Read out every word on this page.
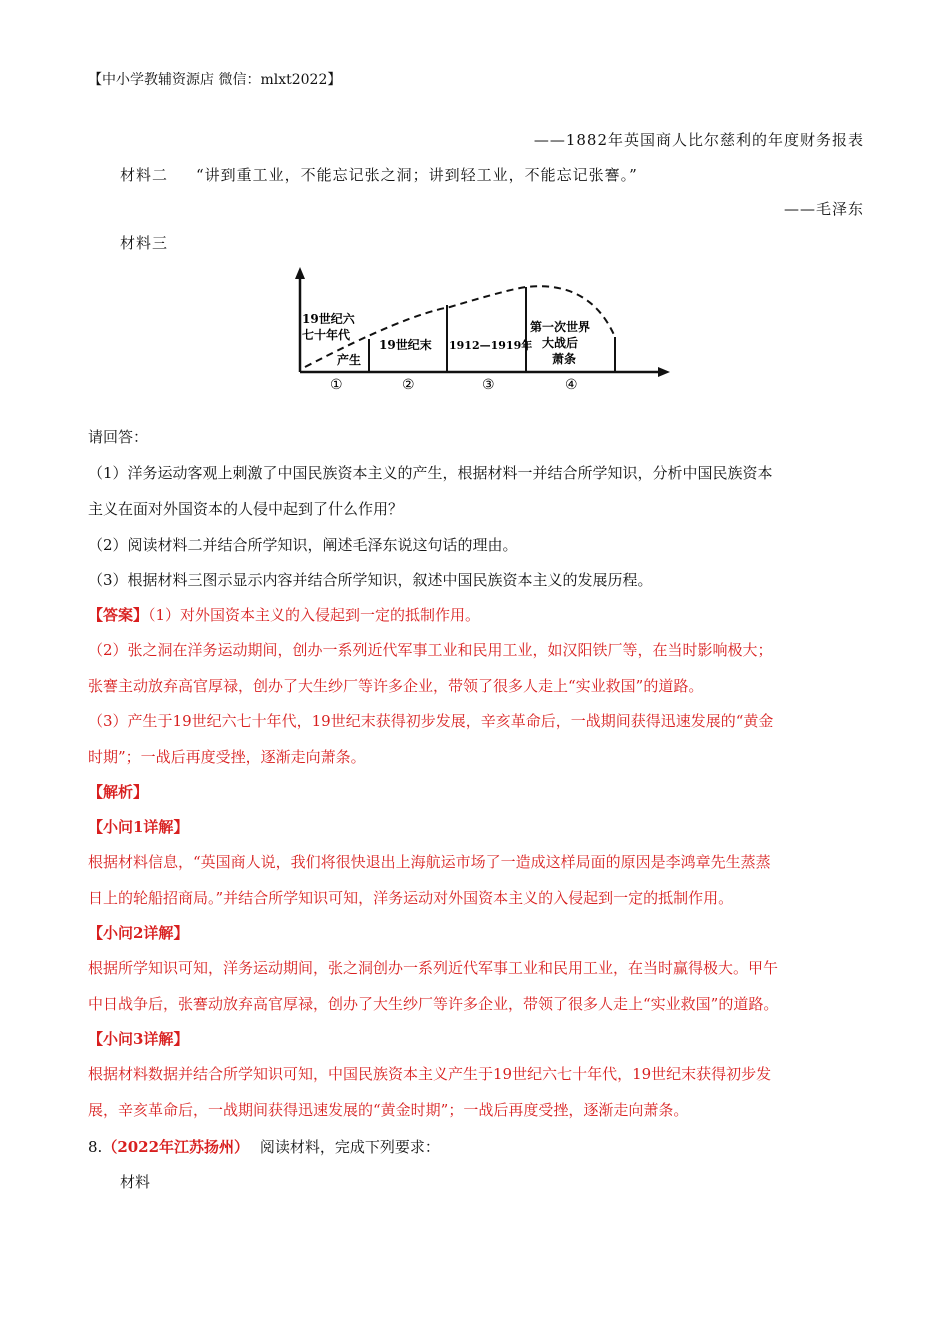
【中小学教辅资源店 微信：mlxt2022】
——1882年英国商人比尔慈利的年度财务报表
材料二 “讲到重工业，不能忘记张之洞；讲到轻工业，不能忘记张謇。”
——毛泽东
材料三
19世纪六
七十年代
产生
19世纪末 1912—1919年
第一次世界
大战后
萧条
①	②	③	④
请回答：
（1）洋务运动客观上刺激了中国民族资本主义的产生，根据材料一并结合所学知识，分析中国民族资本
主义在面对外国资本的人侵中起到了什么作用？
（2）阅读材料二并结合所学知识，阐述毛泽东说这句话的理由。
（3）根据材料三图示显示内容并结合所学知识，叙述中国民族资本主义的发展历程。
【答案】（1）对外国资本主义的入侵起到一定的抵制作用。
（2）张之洞在洋务运动期间，创办一系列近代军事工业和民用工业，如汉阳铁厂等，在当时影响极大；
张謇主动放弃高官厚禄，创办了大生纱厂等许多企业，带领了很多人走上“实业救国”的道路。
（3）产生于19世纪六七十年代，19世纪末获得初步发展，辛亥革命后，一战期间获得迅速发展的“黄金
时期”；一战后再度受挫，逐渐走向萧条。
【解析】
【小问1详解】
根据材料信息，“英国商人说，我们将很快退出上海航运市场了一造成这样局面的原因是李鸿章先生蒸蒸
日上的轮船招商局。”并结合所学知识可知，洋务运动对外国资本主义的入侵起到一定的抵制作用。
【小问2详解】
根据所学知识可知，洋务运动期间，张之洞创办一系列近代军事工业和民用工业，在当时赢得极大。甲午
中日战争后，张謇动放弃高官厚禄，创办了大生纱厂等许多企业，带领了很多人走上“实业救国”的道路。
【小问3详解】
根据材料数据并结合所学知识可知，中国民族资本主义产生于19世纪六七十年代，19世纪末获得初步发
展，辛亥革命后，一战期间获得迅速发展的“黄金时期”；一战后再度受挫，逐渐走向萧条。
8.（2022年江苏扬州） 阅读材料，完成下列要求：
材料
